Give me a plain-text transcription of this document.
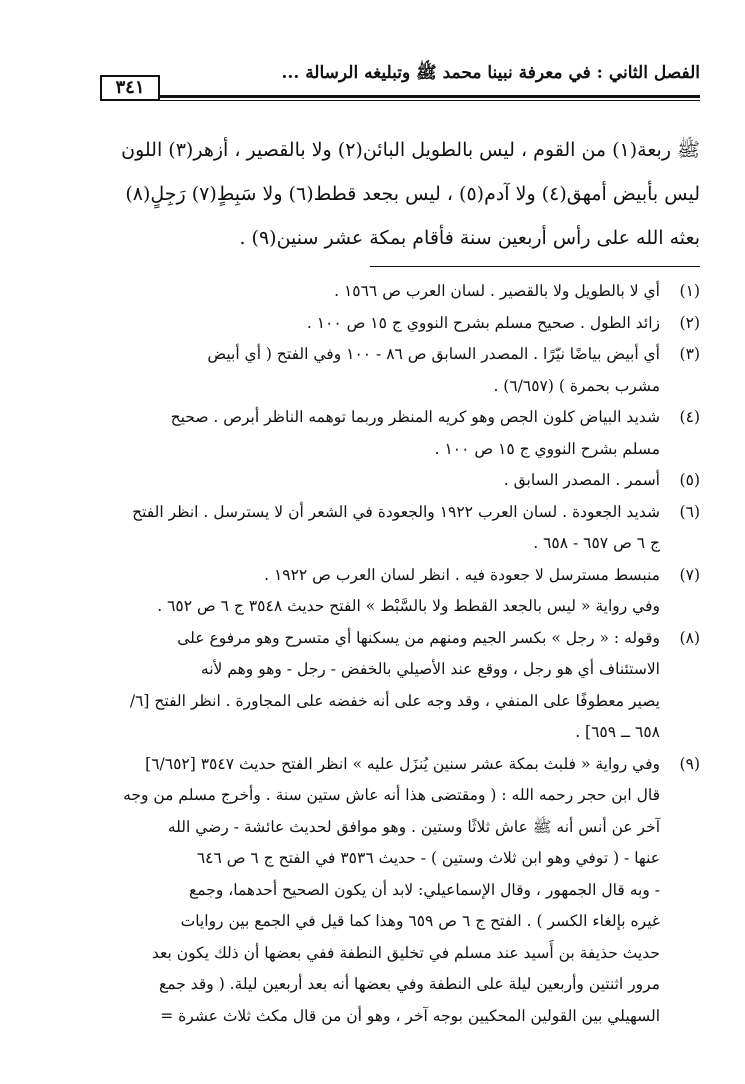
الفصل الثاني : في معرفة نبينا محمد ﷺ وتبليغه الرسالة ...
٣٤١
ﷺ ربعة(١) من القوم ، ليس بالطويل البائن(٢) ولا بالقصير ، أزهر(٣) اللون
ليس بأبيض أمهق(٤) ولا آدم(٥) ، ليس بجعد قطط(٦) ولا سَبِطٍ(٧) رَجِلٍ(٨)
بعثه الله على رأس أربعين سنة فأقام بمكة عشر سنين(٩) .
(١)
أي لا بالطويل ولا بالقصير . لسان العرب ص ١٥٦٦ .
(٢)
زائد الطول . صحيح مسلم بشرح النووي ج ١٥ ص ١٠٠ .
(٣)
أي أبيض بياضًا نيّرًا . المصدر السابق ص ٨٦ - ١٠٠ وفي الفتح ( أي أبيض
مشرب بحمرة ) (٦/٦٥٧) .
(٤)
شديد البياض كلون الجص وهو كريه المنظر وربما توهمه الناظر أبرص . صحيح
مسلم بشرح النووي ج ١٥ ص ١٠٠ .
(٥)
أسمر . المصدر السابق .
(٦)
شديد الجعودة . لسان العرب ١٩٢٢ والجعودة في الشعر أن لا يسترسل . انظر الفتح
ج ٦ ص ٦٥٧ - ٦٥٨ .
(٧)
منبسط مسترسل لا جعودة فيه . انظر لسان العرب ص ١٩٢٢ .
وفي رواية « ليس بالجعد القطط ولا بالسَّبْط » الفتح حديث ٣٥٤٨ ج ٦ ص ٦٥٢ .
(٨)
وقوله : « رجل » بكسر الجيم ومنهم من يسكنها أي متسرح وهو مرفوع على
الاستئناف أي هو رجل ، ووقع عند الأصيلي بالخفض - رجل - وهو وهم لأنه
يصير معطوفًا على المنفي ، وقد وجه على أنه خفضه على المجاورة . انظر الفتح [٦/
٦٥٨ ــ ٦٥٩] .
(٩)
وفي رواية « فلبث بمكة عشر سنين يُنزَل عليه » انظر الفتح حديث ٣٥٤٧ [٦/٦٥٢]
قال ابن حجر رحمه الله : ( ومقتضى هذا أنه عاش ستين سنة . وأخرج مسلم من وجه
آخر عن أنس أنه ﷺ عاش ثلاثًا وستين . وهو موافق لحديث عائشة - رضي الله
عنها - ( توفي وهو ابن ثلاث وستين ) - حديث ٣٥٣٦ في الفتح ج ٦ ص ٦٤٦
- وبه قال الجمهور ، وقال الإسماعيلي: لابد أن يكون الصحيح أحدهما، وجمع
غيره بإلغاء الكسر ) . الفتح ج ٦ ص ٦٥٩ وهذا كما قيل في الجمع بين روايات
حديث حذيفة بن أَسيد عند مسلم في تخليق النطفة ففي بعضها أن ذلك يكون بعد
مرور اثنتين وأربعين ليلة على النطفة وفي بعضها أنه بعد أربعين ليلة. ( وقد جمع
السهيلي بين القولين المحكيين بوجه آخر ، وهو أن من قال مكث ثلاث عشرة =
